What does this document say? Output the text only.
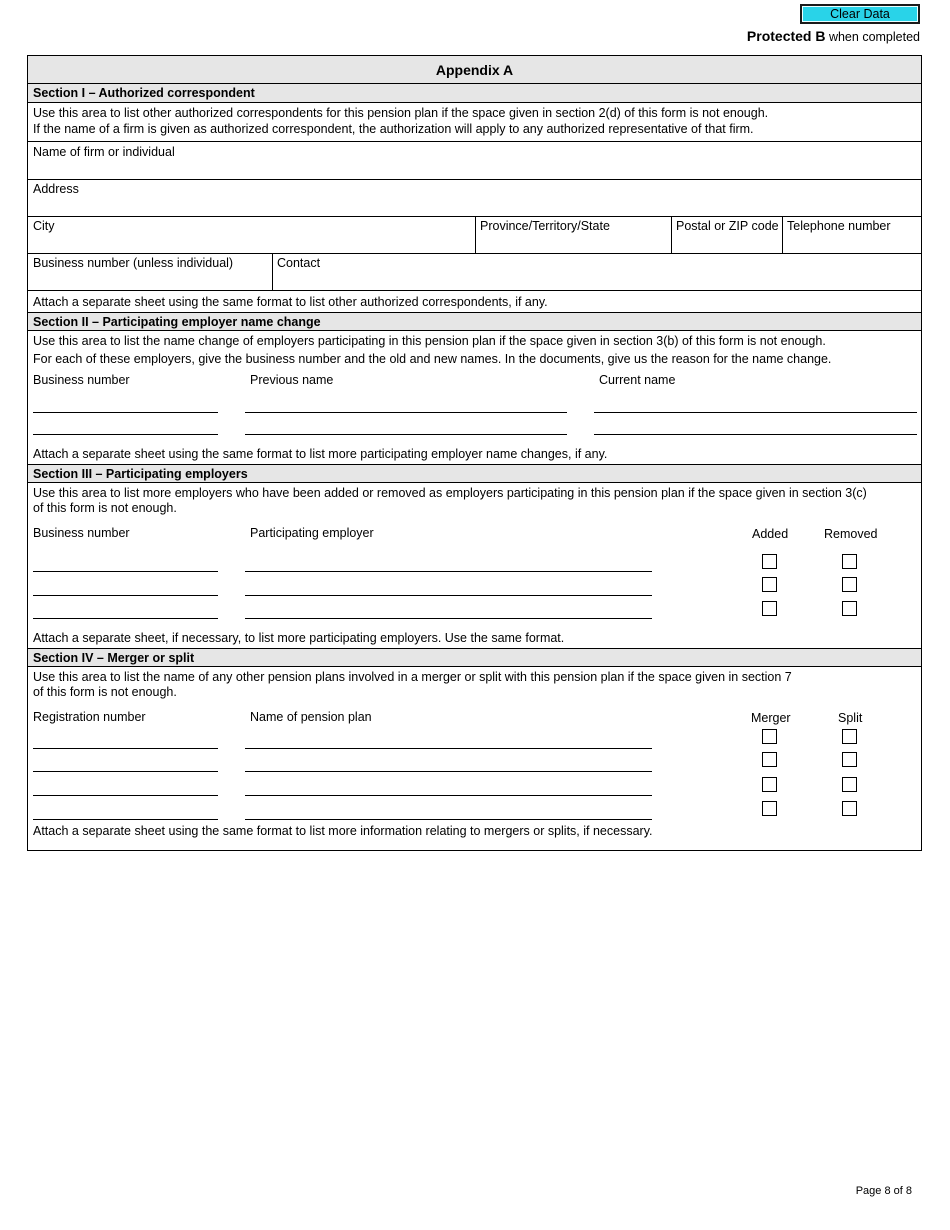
Clear Data
Protected B when completed
Appendix A
Section I – Authorized correspondent
Use this area to list other authorized correspondents for this pension plan if the space given in section 2(d) of this form is not enough.
If the name of a firm is given as authorized correspondent, the authorization will apply to any authorized representative of that firm.
Name of firm or individual
Address
City	Province/Territory/State	Postal or ZIP code Telephone number
Business number (unless individual)	Contact
Attach a separate sheet using the same format to list other authorized correspondents, if any.
Section II – Participating employer name change
Use this area to list the name change of employers participating in this pension plan if the space given in section 3(b) of this form is not enough.
For each of these employers, give the business number and the old and new names. In the documents, give us the reason for the name change.
Business number	Previous name	Current name
Attach a separate sheet using the same format to list more participating employer name changes, if any.
Section III – Participating employers
Use this area to list more employers who have been added or removed as employers participating in this pension plan if the space given in section 3(c)
of this form is not enough.
Business number	Participating employer	Added	Removed
Attach a separate sheet, if necessary, to list more participating employers. Use the same format.
Section IV – Merger or split
Use this area to list the name of any other pension plans involved in a merger or split with this pension plan if the space given in section 7
of this form is not enough.
Registration number	Name of pension plan	Merger	Split
Attach a separate sheet using the same format to list more information relating to mergers or splits, if necessary.
Page 8 of 8
